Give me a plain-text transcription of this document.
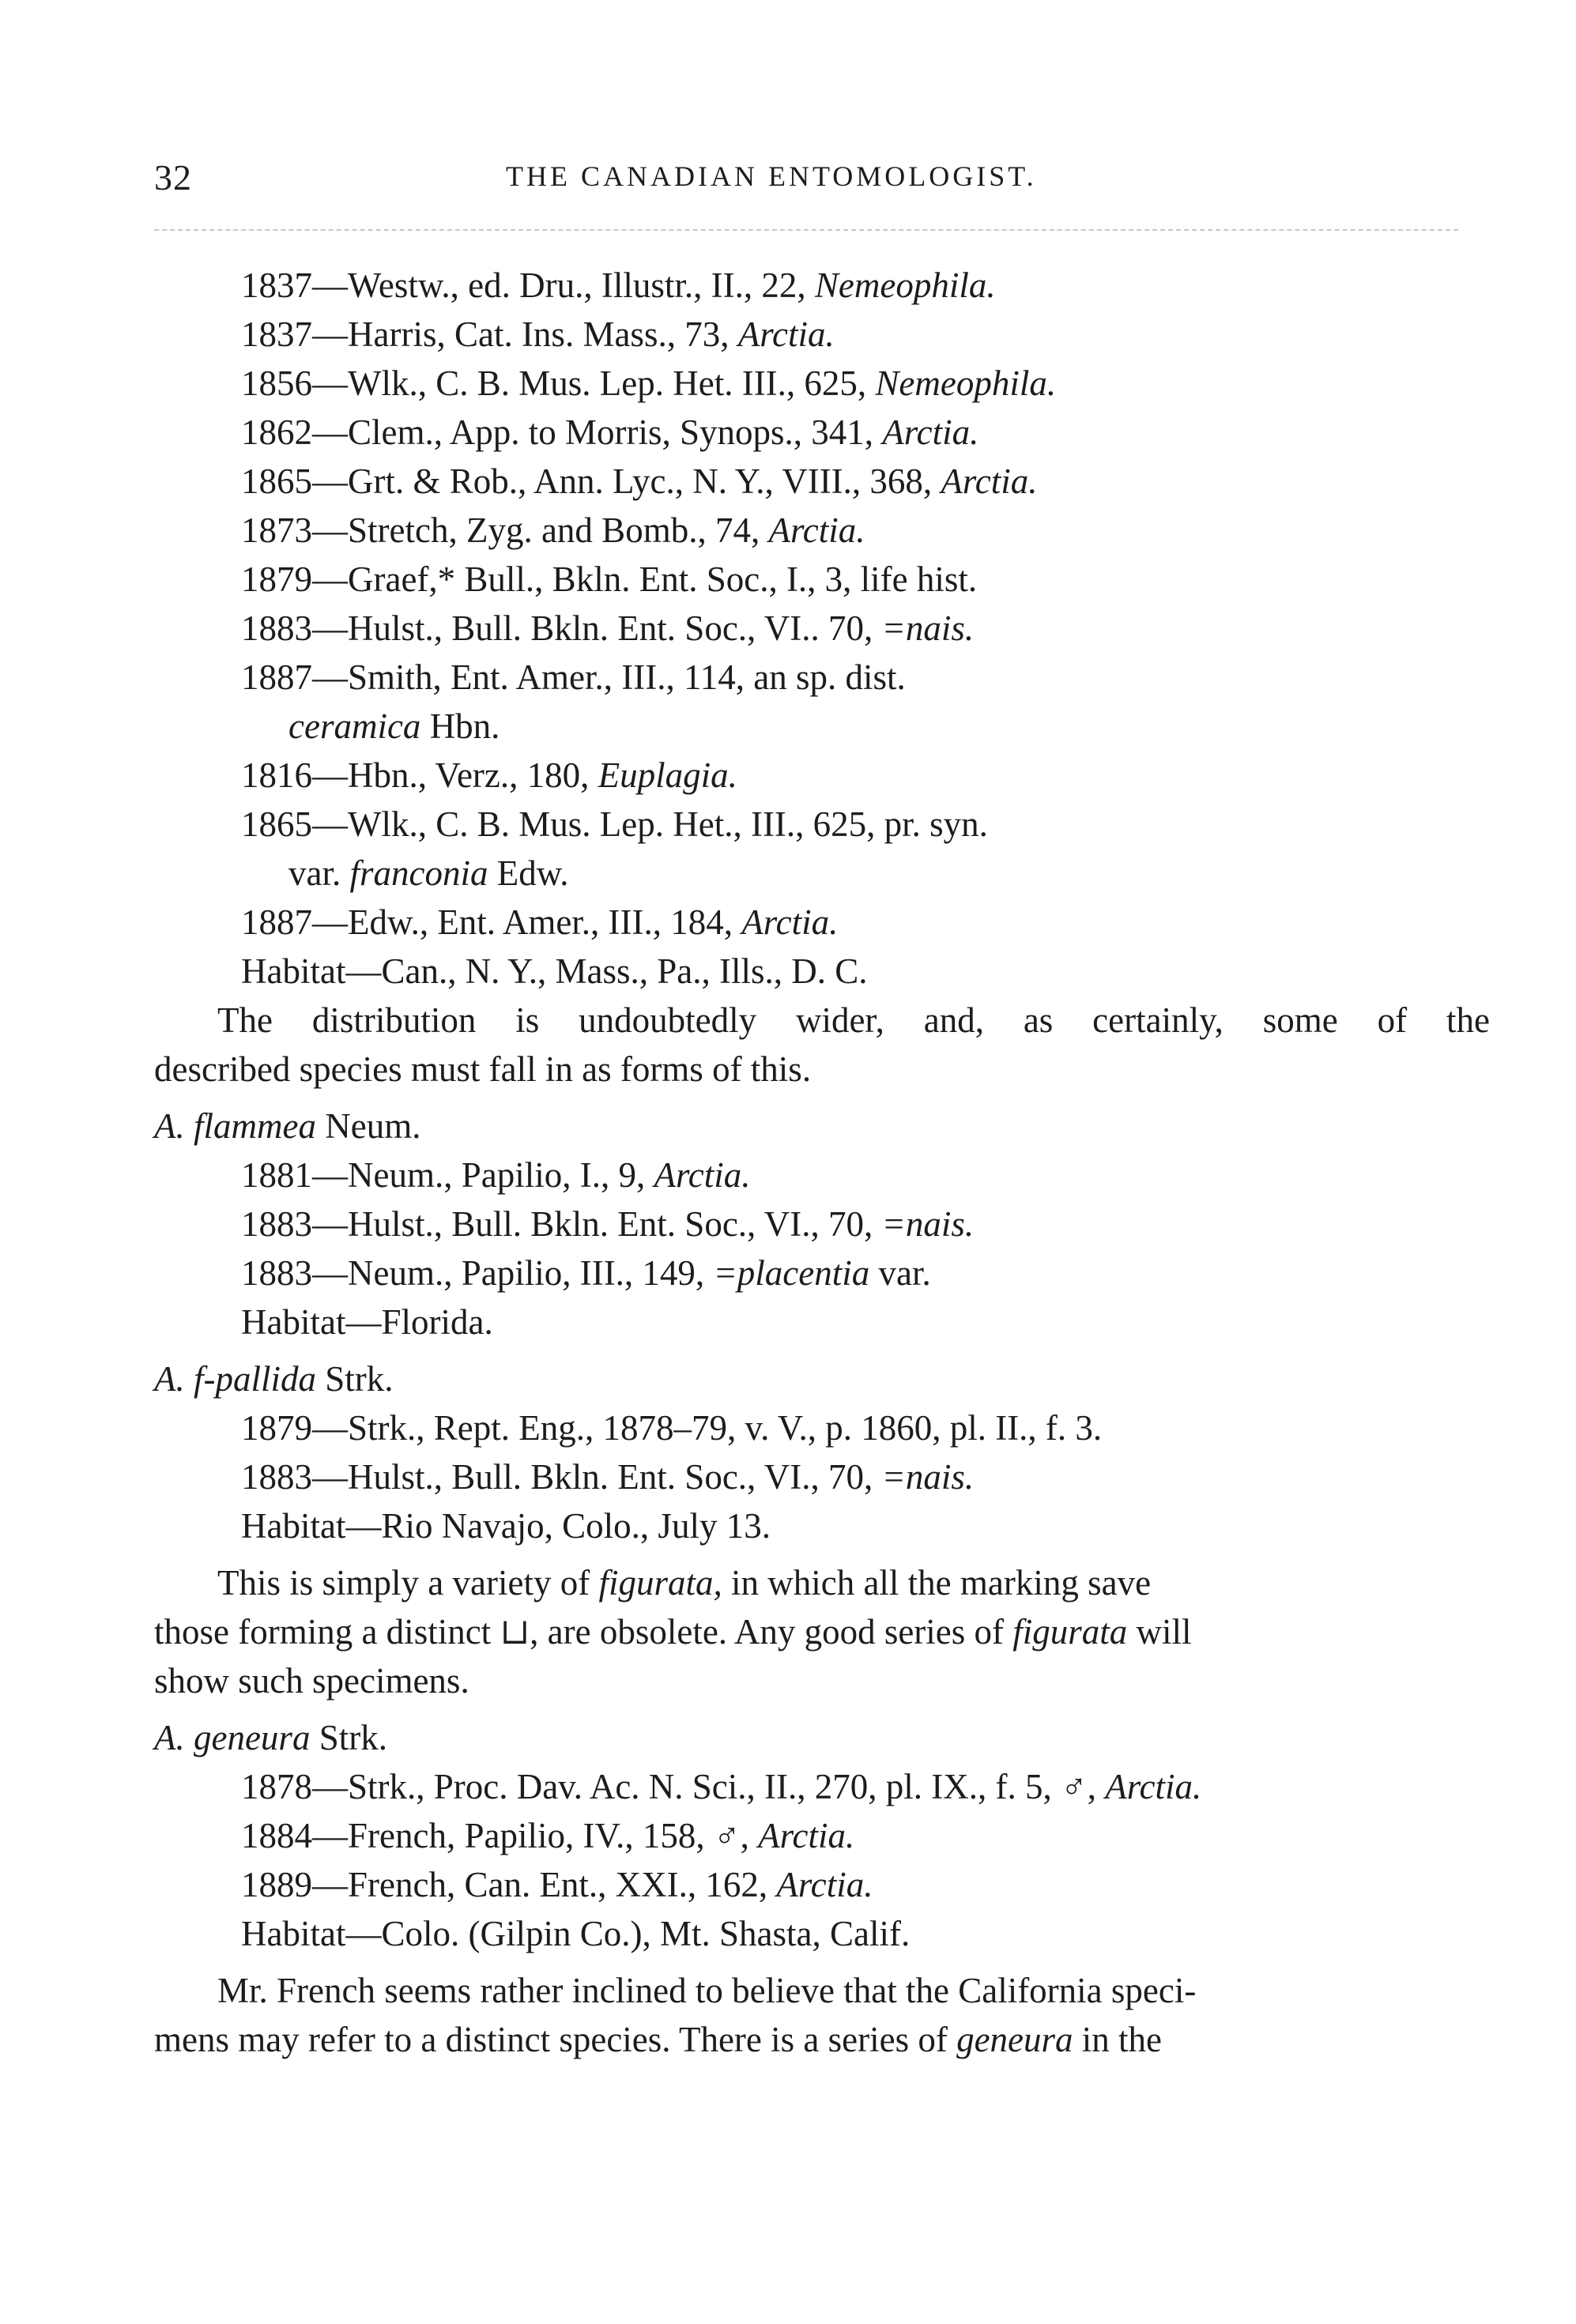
32	THE CANADIAN ENTOMOLOGIST.
1837—Westw., ed. Dru., Illustr., II., 22, Nemeophila.
1837—Harris, Cat. Ins. Mass., 73, Arctia.
1856—Wlk., C. B. Mus. Lep. Het. III., 625, Nemeophila.
1862—Clem., App. to Morris, Synops., 341, Arctia.
1865—Grt. & Rob., Ann. Lyc., N. Y., VIII., 368, Arctia.
1873—Stretch, Zyg. and Bomb., 74, Arctia.
1879—Graef,* Bull., Bkln. Ent. Soc., I., 3, life hist.
1883—Hulst., Bull. Bkln. Ent. Soc., VI.. 70, =nais.
1887—Smith, Ent. Amer., III., 114, an sp. dist.
ceramica Hbn.
1816—Hbn., Verz., 180, Euplagia.
1865—Wlk., C. B. Mus. Lep. Het., III., 625, pr. syn.
var. franconia Edw.
1887—Edw., Ent. Amer., III., 184, Arctia.
Habitat—Can., N. Y., Mass., Pa., Ills., D. C.
The distribution is undoubtedly wider, and, as certainly, some of the
described species must fall in as forms of this.
A. flammea Neum.
1881—Neum., Papilio, I., 9, Arctia.
1883—Hulst., Bull. Bkln. Ent. Soc., VI., 70, =nais.
1883—Neum., Papilio, III., 149, =placentia var.
Habitat—Florida.
A. f-pallida Strk.
1879—Strk., Rept. Eng., 1878–79, v. V., p. 1860, pl. II., f. 3.
1883—Hulst., Bull. Bkln. Ent. Soc., VI., 70, =nais.
Habitat—Rio Navajo, Colo., July 13.
This is simply a variety of figurata, in which all the marking save
those forming a distinct ⊔, are obsolete. Any good series of figurata will
show such specimens.
A. geneura Strk.
1878—Strk., Proc. Dav. Ac. N. Sci., II., 270, pl. IX., f. 5, ♂, Arctia.
1884—French, Papilio, IV., 158, ♂, Arctia.
1889—French, Can. Ent., XXI., 162, Arctia.
Habitat—Colo. (Gilpin Co.), Mt. Shasta, Calif.
Mr. French seems rather inclined to believe that the California speci-
mens may refer to a distinct species. There is a series of geneura in the
